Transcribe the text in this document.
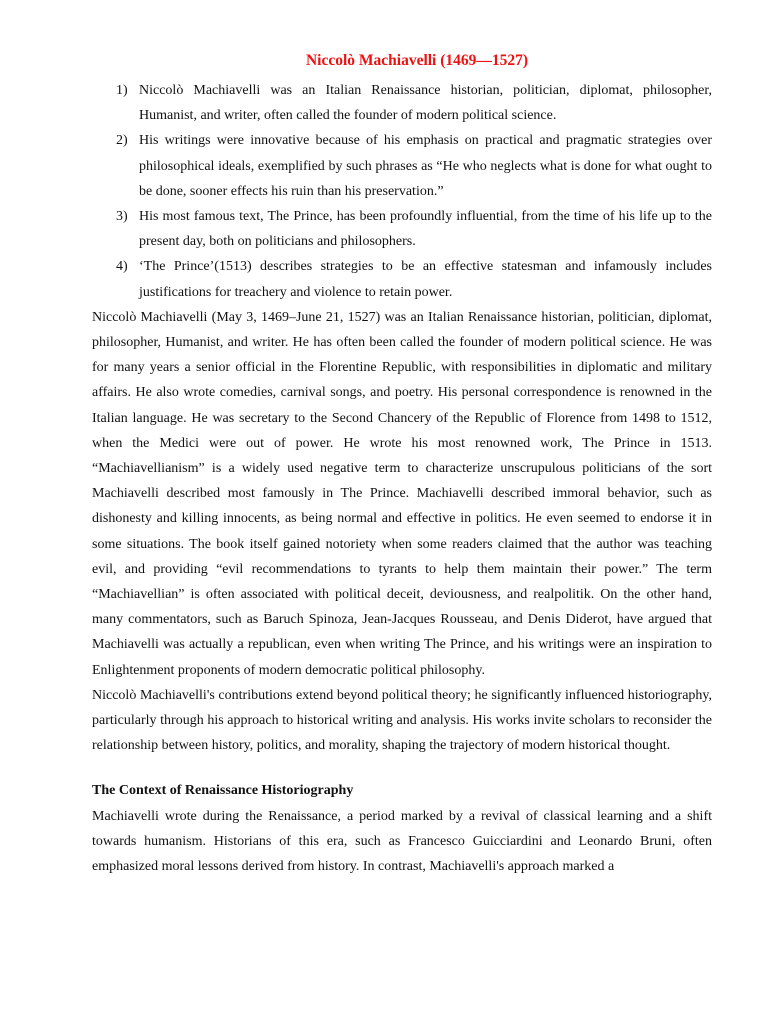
Niccolò Machiavelli (1469—1527)
1) Niccolò Machiavelli was an Italian Renaissance historian, politician, diplomat, philosopher, Humanist, and writer, often called the founder of modern political science.
2) His writings were innovative because of his emphasis on practical and pragmatic strategies over philosophical ideals, exemplified by such phrases as “He who neglects what is done for what ought to be done, sooner effects his ruin than his preservation.”
3) His most famous text, The Prince, has been profoundly influential, from the time of his life up to the present day, both on politicians and philosophers.
4) ‘The Prince’(1513) describes strategies to be an effective statesman and infamously includes justifications for treachery and violence to retain power.

Niccolò Machiavelli (May 3, 1469–June 21, 1527) was an Italian Renaissance historian, politician, diplomat, philosopher, Humanist, and writer. He has often been called the founder of modern political science. He was for many years a senior official in the Florentine Republic, with responsibilities in diplomatic and military affairs. He also wrote comedies, carnival songs, and poetry. His personal correspondence is renowned in the Italian language. He was secretary to the Second Chancery of the Republic of Florence from 1498 to 1512, when the Medici were out of power. He wrote his most renowned work, The Prince in 1513. “Machiavellianism” is a widely used negative term to characterize unscrupulous politicians of the sort Machiavelli described most famously in The Prince. Machiavelli described immoral behavior, such as dishonesty and killing innocents, as being normal and effective in politics. He even seemed to endorse it in some situations. The book itself gained notoriety when some readers claimed that the author was teaching evil, and providing “evil recommendations to tyrants to help them maintain their power.” The term “Machiavellian” is often associated with political deceit, deviousness, and realpolitik. On the other hand, many commentators, such as Baruch Spinoza, Jean-Jacques Rousseau, and Denis Diderot, have argued that Machiavelli was actually a republican, even when writing The Prince, and his writings were an inspiration to Enlightenment proponents of modern democratic political philosophy.

Niccolò Machiavelli's contributions extend beyond political theory; he significantly influenced historiography, particularly through his approach to historical writing and analysis. His works invite scholars to reconsider the relationship between history, politics, and morality, shaping the trajectory of modern historical thought.

The Context of Renaissance Historiography

Machiavelli wrote during the Renaissance, a period marked by a revival of classical learning and a shift towards humanism. Historians of this era, such as Francesco Guicciardini and Leonardo Bruni, often emphasized moral lessons derived from history. In contrast, Machiavelli's approach marked a
